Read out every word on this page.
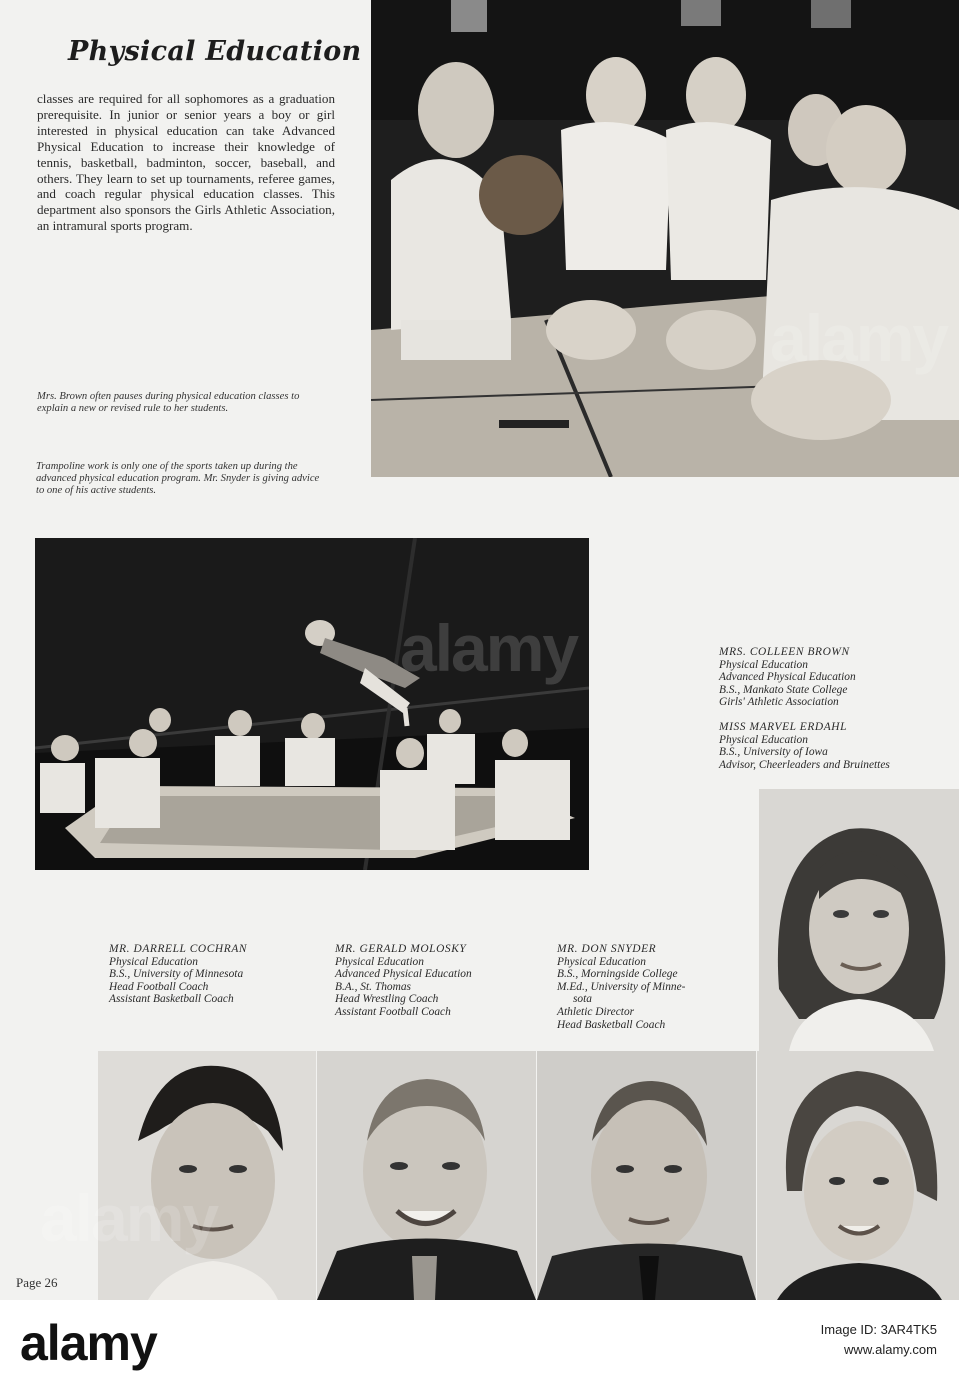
Physical Education
classes are required for all sophomores as a graduation prerequisite. In junior or senior years a boy or girl interested in physical education can take Advanced Physical Education to increase their knowledge of tennis, basketball, badminton, soccer, baseball, and others. They learn to set up tournaments, referee games, and coach regular physical education classes. This department also sponsors the Girls Athletic Association, an intramural sports program.
Mrs. Brown often pauses during physical education classes to explain a new or revised rule to her students.
Trampoline work is only one of the sports taken up during the advanced physical education program. Mr. Snyder is giving advice to one of his active students.
MRS. COLLEEN BROWN
Physical Education
Advanced Physical Education
B.S., Mankato State College
Girls' Athletic Association
MISS MARVEL ERDAHL
Physical Education
B.S., University of Iowa
Advisor, Cheerleaders and Bruinettes
MR. DARRELL COCHRAN
Physical Education
B.S., University of Minnesota
Head Football Coach
Assistant Basketball Coach
MR. GERALD MOLOSKY
Physical Education
Advanced Physical Education
B.A., St. Thomas
Head Wrestling Coach
Assistant Football Coach
MR. DON SNYDER
Physical Education
B.S., Morningside College
M.Ed., University of Minne-
sota
Athletic Director
Head Basketball Coach
Page 26
alamy	Image ID: 3AR4TK5
www.alamy.com
